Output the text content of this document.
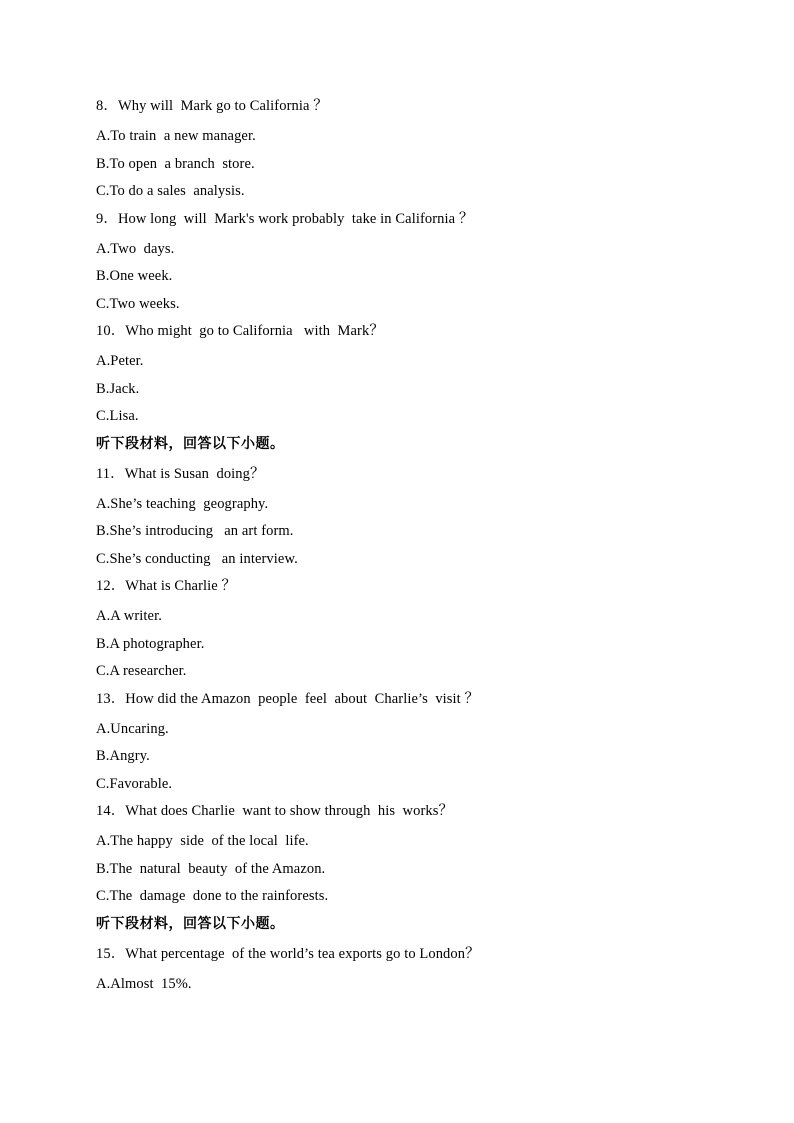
8．Why will  Mark go to California ？
A.To train  a new manager.
B.To open  a branch  store.
C.To do a sales  analysis.
9．How long  will  Mark's work probably  take in California ？
A.Two  days.
B.One week.
C.Two weeks.
10．Who might  go to California   with  Mark？
A.Peter.
B.Jack.
C.Lisa.
听下段材料，回答以下小题。
11．What is Susan  doing？
A.She’s teaching  geography.
B.She’s introducing   an art form.
C.She’s conducting   an interview.
12．What is Charlie ？
A.A writer.
B.A photographer.
C.A researcher.
13．How did the Amazon  people  feel  about  Charlie’s  visit ？
A.Uncaring.
B.Angry.
C.Favorable.
14．What does Charlie  want to show through  his  works？
A.The happy  side  of the local  life.
B.The  natural  beauty  of the Amazon.
C.The  damage  done to the rainforests.
听下段材料，回答以下小题。
15．What percentage  of the world’s tea exports go to London？
A.Almost  15%.
